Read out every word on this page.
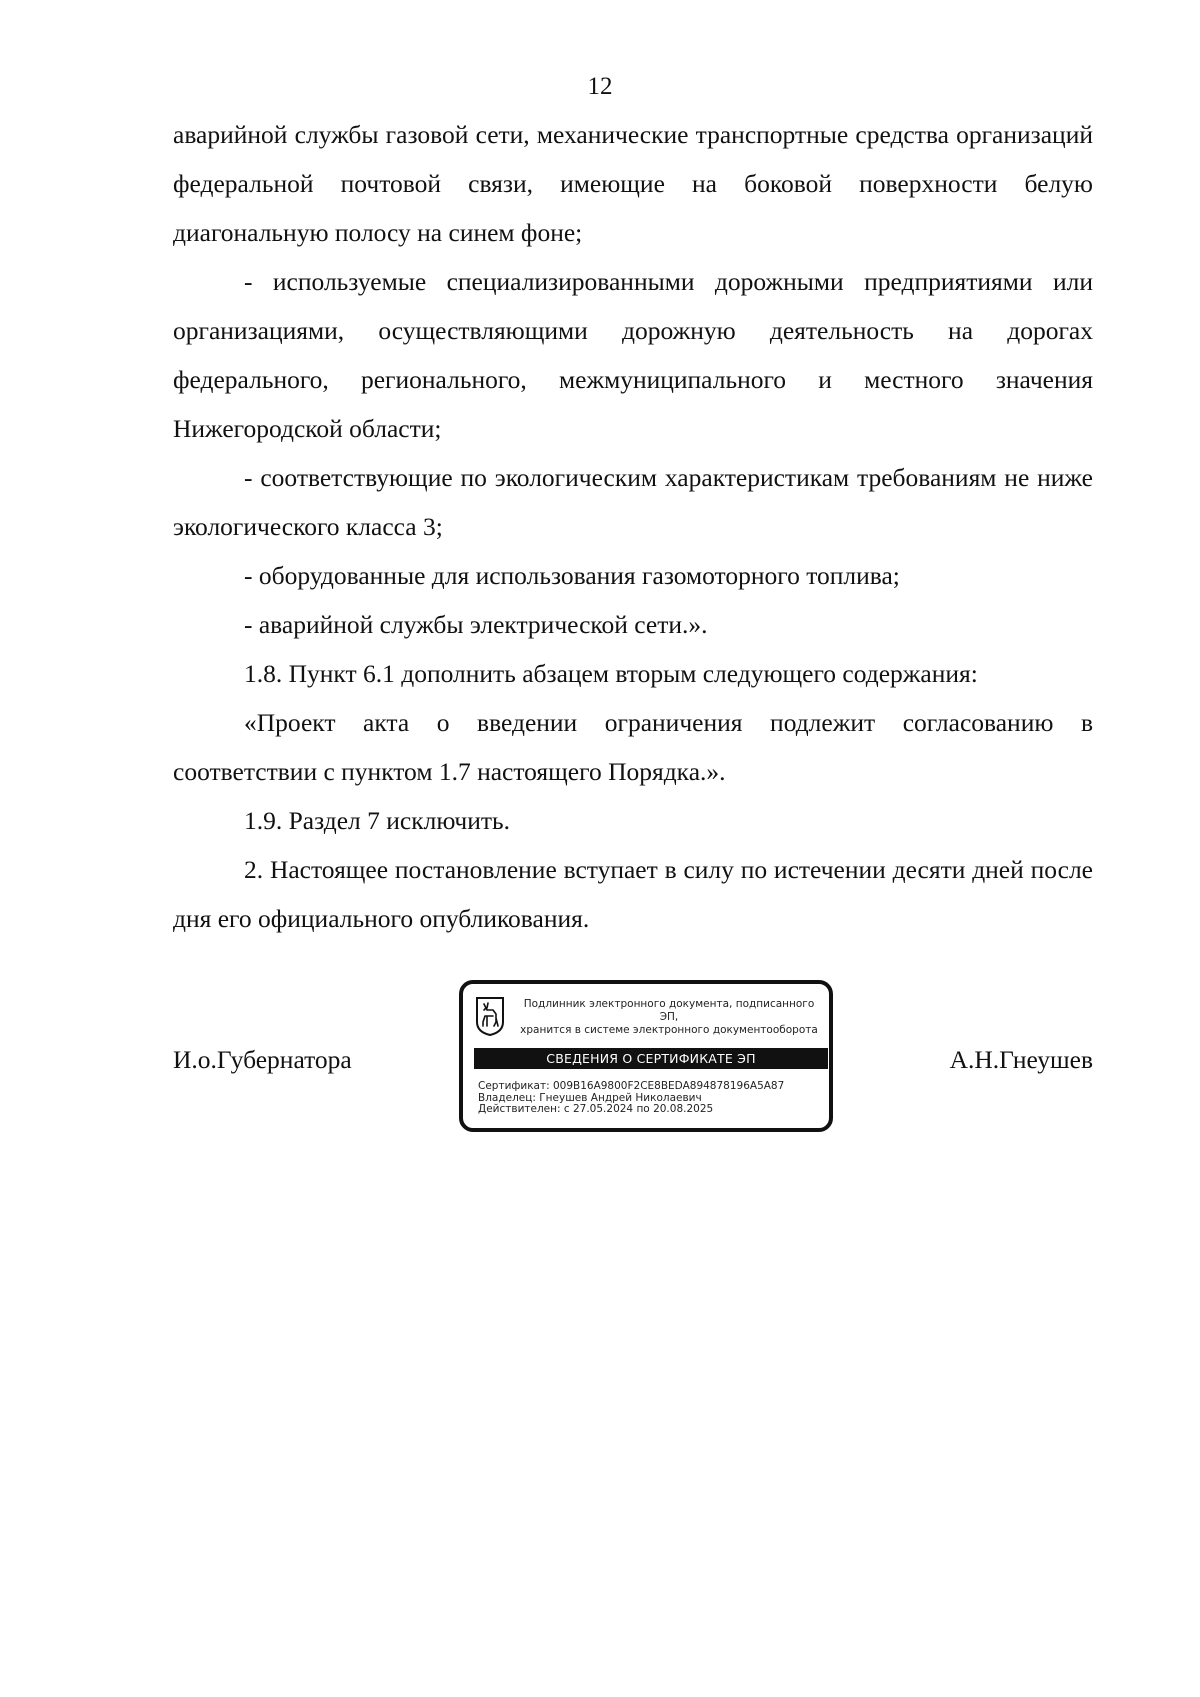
12

аварийной службы газовой сети, механические транспортные средства организаций федеральной почтовой связи, имеющие на боковой поверхности белую диагональную полосу на синем фоне;

- используемые специализированными дорожными предприятиями или организациями, осуществляющими дорожную деятельность на дорогах федерального, регионального, межмуниципального и местного значения Нижегородской области;

- соответствующие по экологическим характеристикам требованиям не ниже экологического класса 3;

- оборудованные для использования газомоторного топлива;

- аварийной службы электрической сети.».

1.8. Пункт 6.1 дополнить абзацем вторым следующего содержания:

«Проект акта о введении ограничения подлежит согласованию в соответствии с пунктом 1.7 настоящего Порядка.».

1.9. Раздел 7 исключить.

2. Настоящее постановление вступает в силу по истечении десяти дней после дня его официального опубликования.

И.о.Губернатора
Подлинник электронного документа, подписанного ЭП,
хранится в системе электронного документооборота
СВЕДЕНИЯ О СЕРТИФИКАТЕ ЭП
Сертификат: 009B16A9800F2CE8BEDA894878196A5A87
Владелец: Гнеушев Андрей Николаевич
Действителен: с 27.05.2024 по 20.08.2025
А.Н.Гнеушев
